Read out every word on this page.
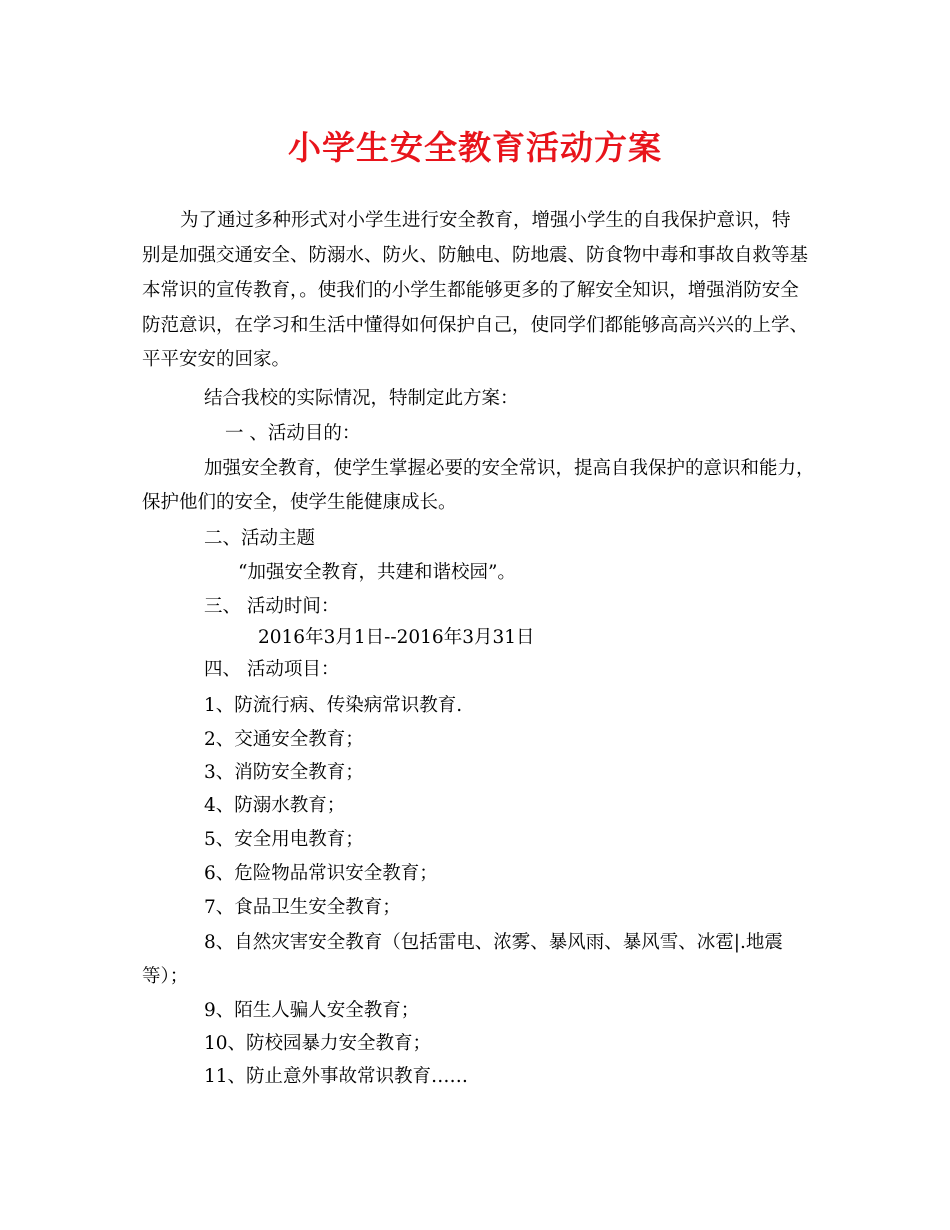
小学生安全教育活动方案
为了通过多种形式对小学生进行安全教育，增强小学生的自我保护意识，特
别是加强交通安全、防溺水、防火、防触电、防地震、防食物中毒和事故自救等基
本常识的宣传教育，。使我们的小学生都能够更多的了解安全知识，增强消防安全
防范意识，在学习和生活中懂得如何保护自己，使同学们都能够高高兴兴的上学、
平平安安的回家。
结合我校的实际情况，特制定此方案：
一 、活动目的：
加强安全教育，使学生掌握必要的安全常识，提高自我保护的意识和能力，
保护他们的安全，使学生能健康成长。
二、活动主题
“加强安全教育，共建和谐校园”。
三、 活动时间：
2016年3月1日--2016年3月31日
四、 活动项目：
1、防流行病、传染病常识教育.
2、交通安全教育；
3、消防安全教育；
4、防溺水教育；
5、安全用电教育；
6、危险物品常识安全教育；
7、食品卫生安全教育；
8、自然灾害安全教育（包括雷电、浓雾、暴风雨、暴风雪、冰雹|.地震
等）；
9、陌生人骗人安全教育；
10、防校园暴力安全教育；
11、防止意外事故常识教育……
